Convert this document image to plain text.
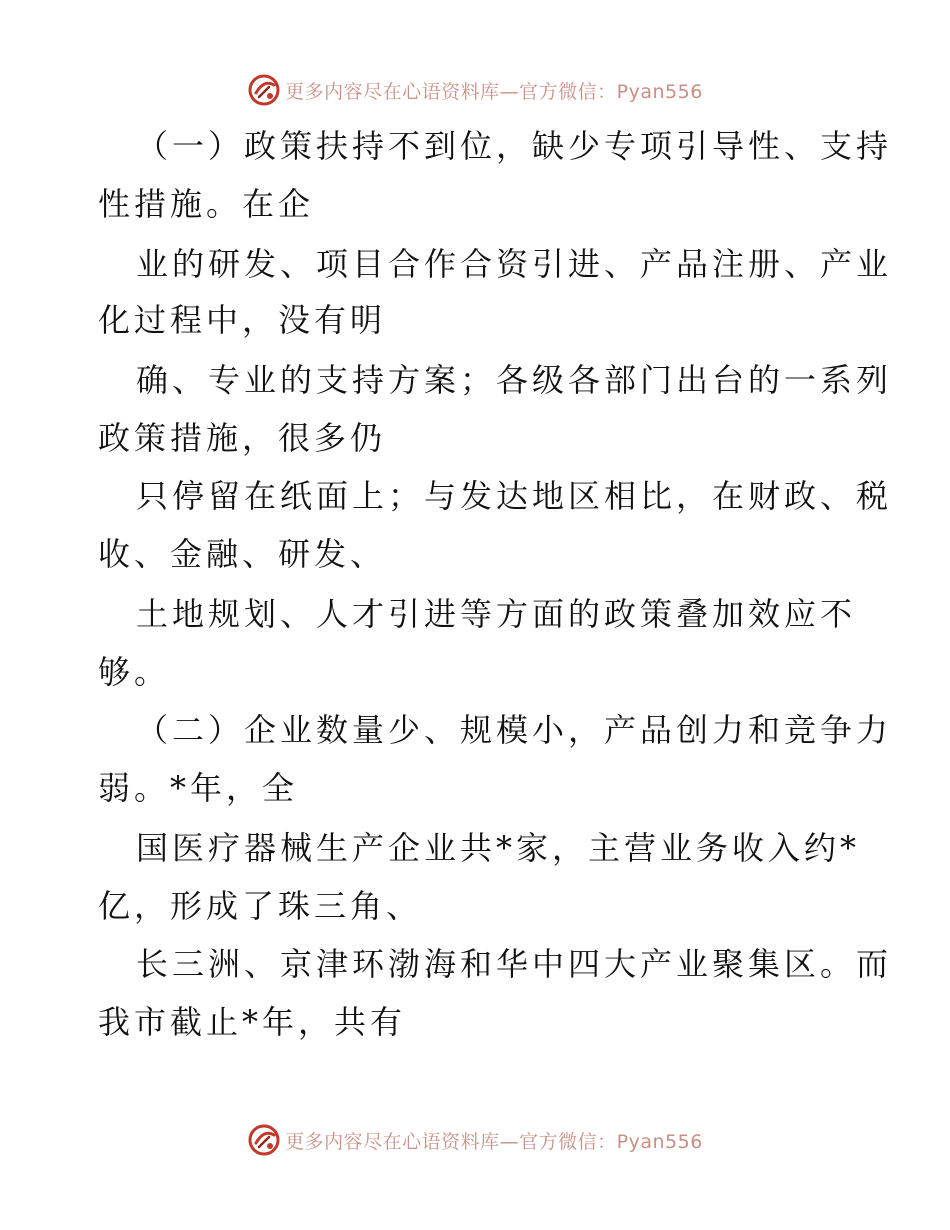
更多内容尽在心语资料库—官方微信：Pyan556
（一）政策扶持不到位，缺少专项引导性、支持
性措施。在企
业的研发、项目合作合资引进、产品注册、产业
化过程中，没有明
确、专业的支持方案；各级各部门出台的一系列
政策措施，很多仍
只停留在纸面上；与发达地区相比，在财政、税
收、金融、研发、
土地规划、人才引进等方面的政策叠加效应不
够。
（二）企业数量少、规模小，产品创力和竞争力
弱。*年，全
国医疗器械生产企业共*家，主营业务收入约*
亿，形成了珠三角、
长三洲、京津环渤海和华中四大产业聚集区。而
我市截止*年，共有
更多内容尽在心语资料库—官方微信：Pyan556
